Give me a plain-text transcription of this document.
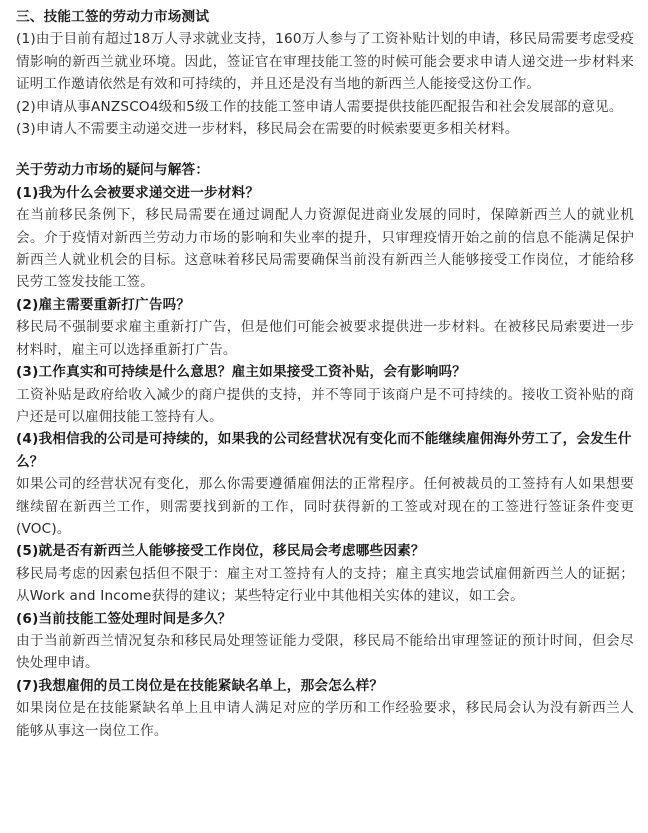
三、技能工签的劳动力市场测试

(1)由于目前有超过18万人寻求就业支持，160万人参与了工资补贴计划的申请，移民局需要考虑受疫情影响的新西兰就业环境。因此，签证官在审理技能工签的时候可能会要求申请人递交进一步材料来证明工作邀请依然是有效和可持续的，并且还是没有当地的新西兰人能接受这份工作。

(2)申请从事ANZSCO4级和5级工作的技能工签申请人需要提供技能匹配报告和社会发展部的意见。

(3)申请人不需要主动递交进一步材料，移民局会在需要的时候索要更多相关材料。

关于劳动力市场的疑问与解答：

(1)我为什么会被要求递交进一步材料？

在当前移民条例下，移民局需要在通过调配人力资源促进商业发展的同时，保障新西兰人的就业机会。介于疫情对新西兰劳动力市场的影响和失业率的提升，只审理疫情开始之前的信息不能满足保护新西兰人就业机会的目标。这意味着移民局需要确保当前没有新西兰人能够接受工作岗位，才能给移民劳工签发技能工签。

(2)雇主需要重新打广告吗？

移民局不强制要求雇主重新打广告，但是他们可能会被要求提供进一步材料。在被移民局索要进一步材料时，雇主可以选择重新打广告。

(3)工作真实和可持续是什么意思？雇主如果接受工资补贴，会有影响吗？

工资补贴是政府给收入减少的商户提供的支持，并不等同于该商户是不可持续的。接收工资补贴的商户还是可以雇佣技能工签持有人。

(4)我相信我的公司是可持续的，如果我的公司经营状况有变化而不能继续雇佣海外劳工了，会发生什么？

如果公司的经营状况有变化，那么你需要遵循雇佣法的正常程序。任何被裁员的工签持有人如果想要继续留在新西兰工作，则需要找到新的工作，同时获得新的工签或对现在的工签进行签证条件变更(VOC)。

(5)就是否有新西兰人能够接受工作岗位，移民局会考虑哪些因素？

移民局考虑的因素包括但不限于：雇主对工签持有人的支持；雇主真实地尝试雇佣新西兰人的证据；从Work and Income获得的建议；某些特定行业中其他相关实体的建议，如工会。

(6)当前技能工签处理时间是多久？

由于当前新西兰情况复杂和移民局处理签证能力受限，移民局不能给出审理签证的预计时间，但会尽快处理申请。

(7)我想雇佣的员工岗位是在技能紧缺名单上，那会怎么样？

如果岗位是在技能紧缺名单上且申请人满足对应的学历和工作经验要求，移民局会认为没有新西兰人能够从事这一岗位工作。
